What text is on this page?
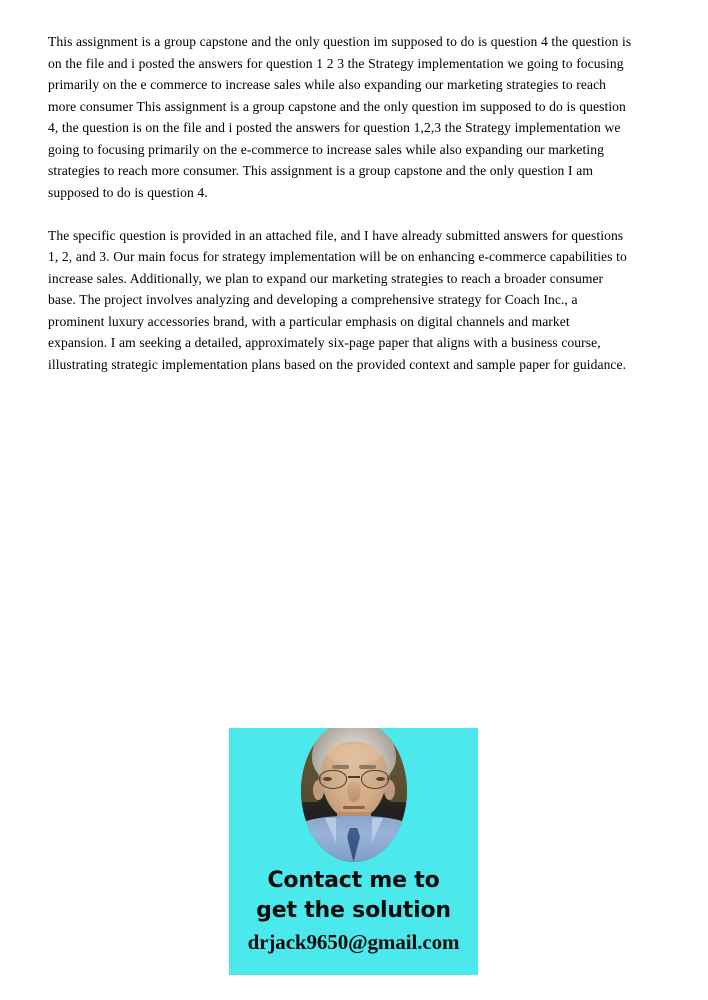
This assignment is a group capstone and the only question im supposed to do is question 4 the question is on the file and i posted the answers for question 1 2 3 the Strategy implementation we going to focusing primarily on the e commerce to increase sales while also expanding our marketing strategies to reach more consumer This assignment is a group capstone and the only question im supposed to do is question 4, the question is on the file and i posted the answers for question 1,2,3 the Strategy implementation we going to focusing primarily on the e-commerce to increase sales while also expanding our marketing strategies to reach more consumer. This assignment is a group capstone and the only question I am supposed to do is question 4.

The specific question is provided in an attached file, and I have already submitted answers for questions 1, 2, and 3. Our main focus for strategy implementation will be on enhancing e-commerce capabilities to increase sales. Additionally, we plan to expand our marketing strategies to reach a broader consumer base. The project involves analyzing and developing a comprehensive strategy for Coach Inc., a prominent luxury accessories brand, with a particular emphasis on digital channels and market expansion. I am seeking a detailed, approximately six-page paper that aligns with a business course, illustrating strategic implementation plans based on the provided context and sample paper for guidance.

Contact me to
get the solution
drjack9650@gmail.com
